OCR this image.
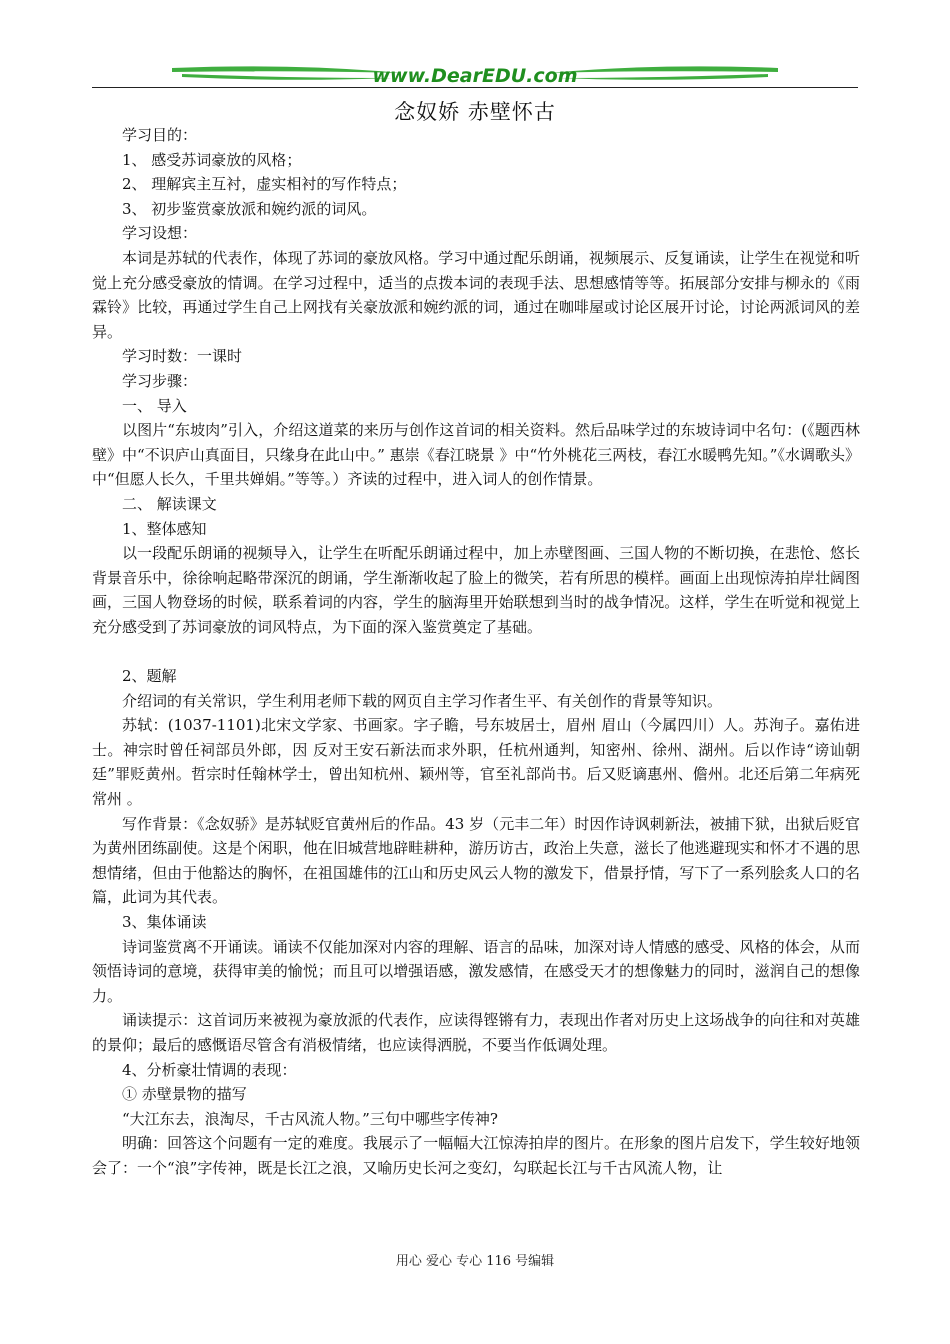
www.DearEDU.com
念奴娇 赤壁怀古

学习目的：

1、 感受苏词豪放的风格；

2、 理解宾主互衬，虚实相衬的写作特点；

3、 初步鉴赏豪放派和婉约派的词风。

学习设想：

本词是苏轼的代表作，体现了苏词的豪放风格。学习中通过配乐朗诵，视频展示、反复诵读，让学生在视觉和听觉上充分感受豪放的情调。在学习过程中，适当的点拨本词的表现手法、思想感情等等。拓展部分安排与柳永的《雨霖铃》比较，再通过学生自己上网找有关豪放派和婉约派的词，通过在咖啡屋或讨论区展开讨论，讨论两派词风的差异。

学习时数：一课时

学习步骤：

一、 导入

以图片“东坡肉”引入，介绍这道菜的来历与创作这首词的相关资料。然后品味学过的东坡诗词中名句：(《题西林壁》中“不识庐山真面目，只缘身在此山中。” 惠崇《春江晓景 》中“竹外桃花三两枝，春江水暖鸭先知。”《水调歌头》中“但愿人长久，千里共婵娟。”等等。）齐读的过程中，进入词人的创作情景。

二、 解读课文

1、整体感知

以一段配乐朗诵的视频导入，让学生在听配乐朗诵过程中，加上赤壁图画、三国人物的不断切换，在悲怆、悠长背景音乐中，徐徐响起略带深沉的朗诵，学生渐渐收起了脸上的微笑，若有所思的模样。画面上出现惊涛拍岸壮阔图画，三国人物登场的时候，联系着词的内容，学生的脑海里开始联想到当时的战争情况。这样，学生在听觉和视觉上充分感受到了苏词豪放的词风特点，为下面的深入鉴赏奠定了基础。

2、题解

介绍词的有关常识，学生利用老师下载的网页自主学习作者生平、有关创作的背景等知识。

苏轼：(1037-1101)北宋文学家、书画家。字子瞻，号东坡居士，眉州 眉山（今属四川）人。苏洵子。嘉佑进士。神宗时曾任祠部员外郎，因 反对王安石新法而求外职，任杭州通判，知密州、徐州、湖州。后以作诗“谤讪朝廷”罪贬黄州。哲宗时任翰林学士，曾出知杭州、颖州等，官至礼部尚书。后又贬谪惠州、儋州。北还后第二年病死常州 。

写作背景：《念奴骄》是苏轼贬官黄州后的作品。43 岁（元丰二年）时因作诗讽刺新法，被捕下狱，出狱后贬官为黄州团练副使。这是个闲职，他在旧城营地辟畦耕种，游历访古，政治上失意，滋长了他逃避现实和怀才不遇的思想情绪，但由于他豁达的胸怀，在祖国雄伟的江山和历史风云人物的激发下，借景抒情，写下了一系列脍炙人口的名篇，此词为其代表。

3、集体诵读

诗词鉴赏离不开诵读。诵读不仅能加深对内容的理解、语言的品味，加深对诗人情感的感受、风格的体会，从而领悟诗词的意境，获得审美的愉悦；而且可以增强语感，激发感情，在感受天才的想像魅力的同时，滋润自己的想像力。

诵读提示：这首词历来被视为豪放派的代表作，应读得铿锵有力，表现出作者对历史上这场战争的向往和对英雄的景仰；最后的感慨语尽管含有消极情绪，也应读得洒脱，不要当作低调处理。

4、分析豪壮情调的表现：

① 赤壁景物的描写

“大江东去，浪淘尽，千古风流人物。”三句中哪些字传神?

明确：回答这个问题有一定的难度。我展示了一幅幅大江惊涛拍岸的图片。在形象的图片启发下，学生较好地领会了：一个“浪”字传神，既是长江之浪，又喻历史长河之变幻，勾联起长江与千古风流人物，让

用心 爱心 专心 116 号编辑
